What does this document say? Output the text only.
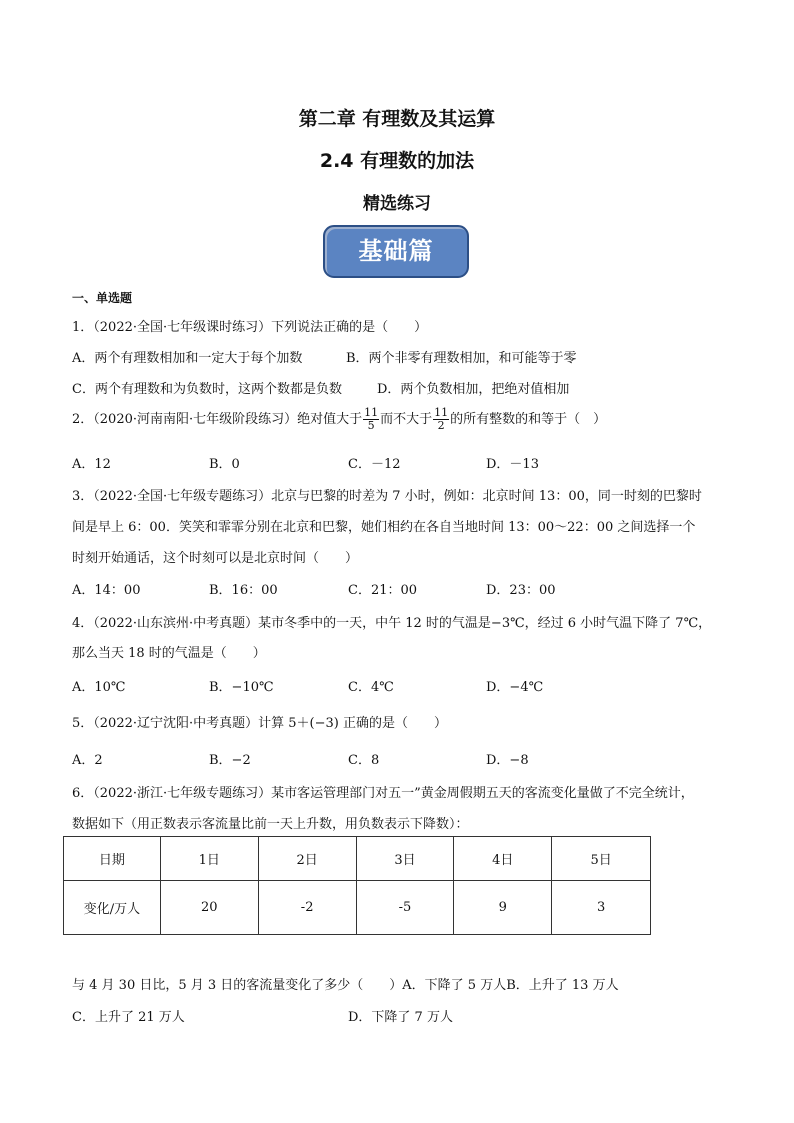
第二章 有理数及其运算
2.4 有理数的加法
精选练习
基础篇
一、单选题
1．（2022·全国·七年级课时练习）下列说法正确的是（　　）
A．两个有理数相加和一定大于每个加数	B．两个非零有理数相加，和可能等于零
C．两个有理数和为负数时，这两个数都是负数	D．两个负数相加，把绝对值相加
2．（2020·河南南阳·七年级阶段练习）绝对值大于 $\frac{11}{5}$ 而不大于 $\frac{11}{2}$ 的所有整数的和等于（　）
A．12	B．0	C．－12	D．－13
3．（2022·全国·七年级专题练习）北京与巴黎的时差为 7 小时，例如：北京时间 13：00，同一时刻的巴黎时
间是早上 6：00．笑笑和霏霏分别在北京和巴黎，她们相约在各自当地时间 13：00～22：00 之间选择一个
时刻开始通话，这个时刻可以是北京时间（　　）
A．14：00	B．16：00	C．21：00	D．23：00
4．（2022·山东滨州·中考真题）某市冬季中的一天，中午 12 时的气温是−3℃，经过 6 小时气温下降了 7℃，
那么当天 18 时的气温是（　　）
A．10℃	B．−10℃	C．4℃	D．−4℃
5．（2022·辽宁沈阳·中考真题）计算 5＋(−3) 正确的是（　　）
A．2	B．−2	C．8	D．−8
6．（2022·浙江·七年级专题练习）某市客运管理部门对五一”黄金周假期五天的客流变化量做了不完全统计，
数据如下（用正数表示客流量比前一天上升数，用负数表示下降数）：
日期	1日	2日	3日	4日	5日
变化/万人	20	-2	-5	9	3
与 4 月 30 日比，5 月 3 日的客流量变化了多少（　　）A．下降了 5 万人B．上升了 13 万人
C．上升了 21 万人	D．下降了 7 万人
